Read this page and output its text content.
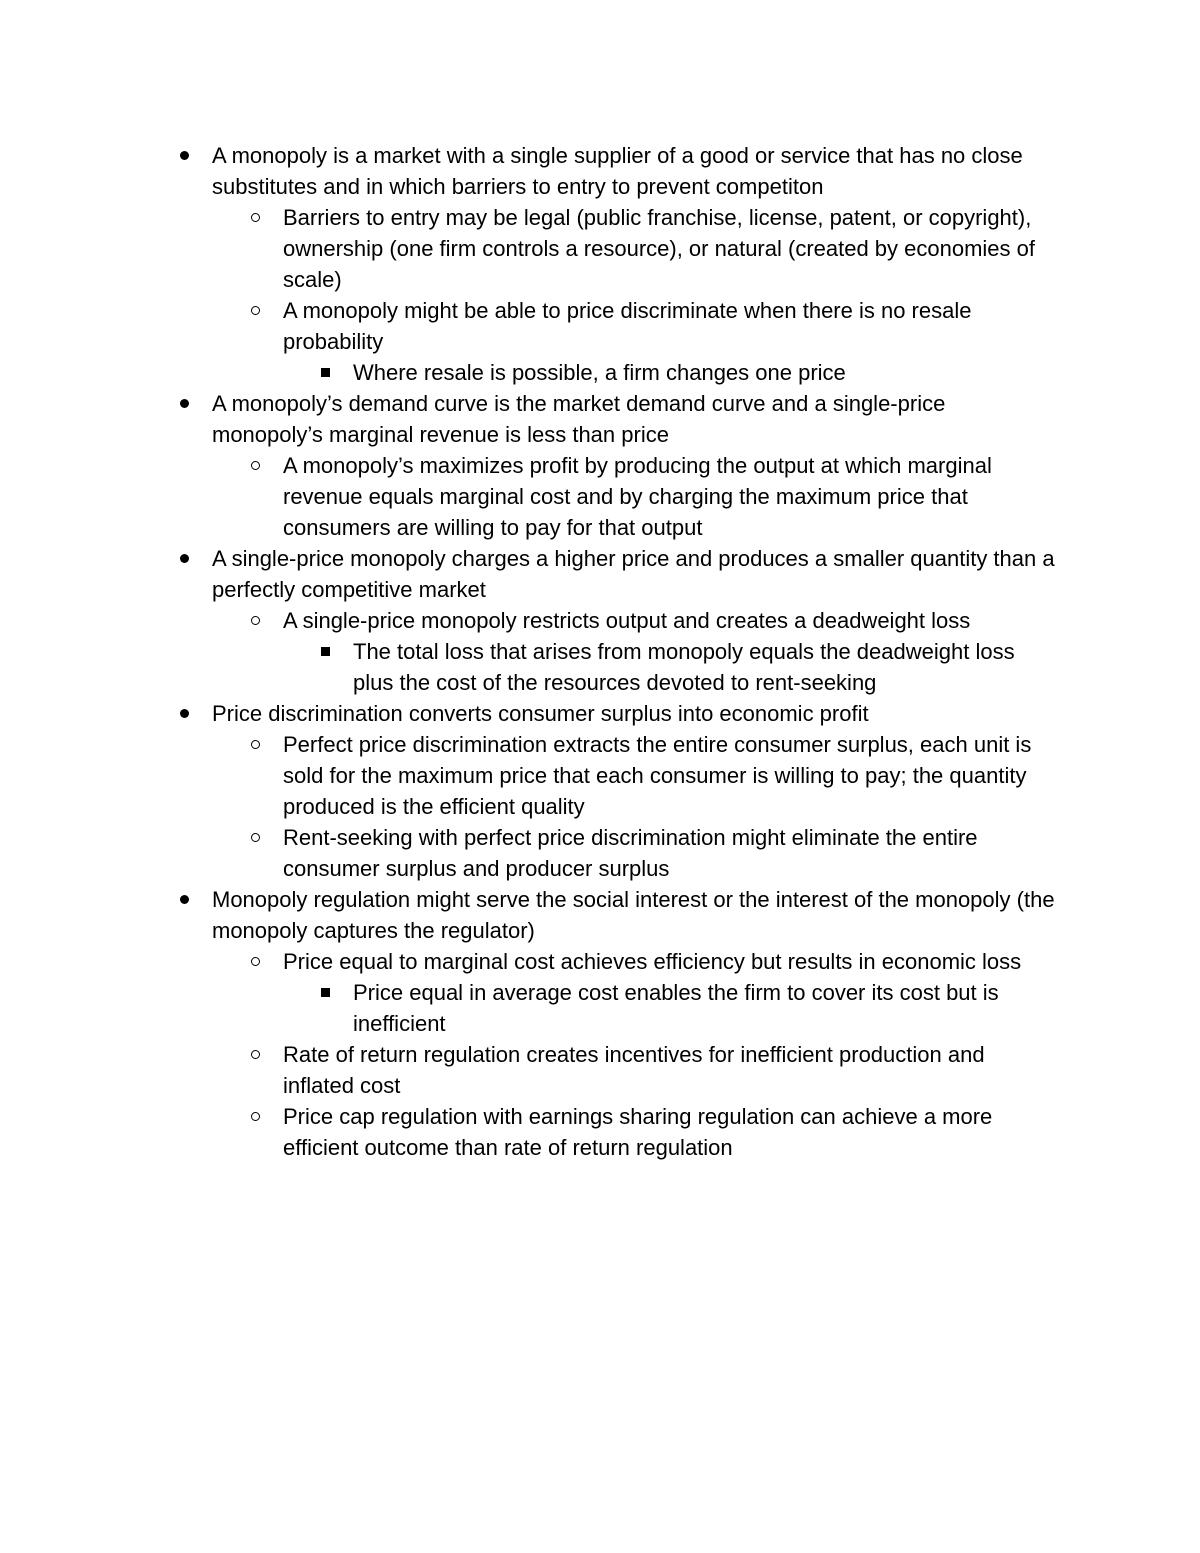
A monopoly is a market with a single supplier of a good or service that has no close substitutes and in which barriers to entry to prevent competiton
Barriers to entry may be legal (public franchise, license, patent, or copyright), ownership (one firm controls a resource), or natural (created by economies of scale)
A monopoly might be able to price discriminate when there is no resale probability
Where resale is possible, a firm changes one price
A monopoly’s demand curve is the market demand curve and a single-price monopoly’s marginal revenue is less than price
A monopoly’s maximizes profit by producing the output at which marginal revenue equals marginal cost and by charging the maximum price that consumers are willing to pay for that output
A single-price monopoly charges a higher price and produces a smaller quantity than a perfectly competitive market
A single-price monopoly restricts output and creates a deadweight loss
The total loss that arises from monopoly equals the deadweight loss plus the cost of the resources devoted to rent-seeking
Price discrimination converts consumer surplus into economic profit
Perfect price discrimination extracts the entire consumer surplus, each unit is sold for the maximum price that each consumer is willing to pay; the quantity produced is the efficient quality
Rent-seeking with perfect price discrimination might eliminate the entire consumer surplus and producer surplus
Monopoly regulation might serve the social interest or the interest of the monopoly (the monopoly captures the regulator)
Price equal to marginal cost achieves efficiency but results in economic loss
Price equal in average cost enables the firm to cover its cost but is inefficient
Rate of return regulation creates incentives for inefficient production and inflated cost
Price cap regulation with earnings sharing regulation can achieve a more efficient outcome than rate of return regulation
